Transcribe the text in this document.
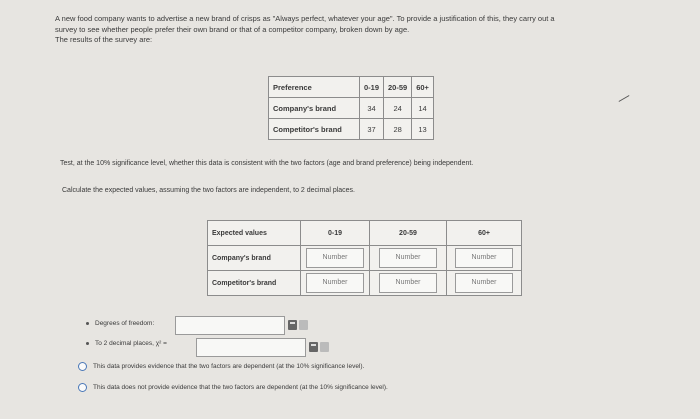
A new food company wants to advertise a new brand of crisps as "Always perfect, whatever your age". To provide a justification of this, they carry out a

survey to see whether people prefer their own brand or that of a competitor company, broken down by age.

The results of the survey are:

Preference	0-19	20-59	60+
Company's brand	34	24	14
Competitor's brand	37	28	13
Test, at the 10% significance level, whether this data is consistent with the two factors (age and brand preference) being independent.
Calculate the expected values, assuming the two factors are independent, to 2 decimal places.
Expected values	0-19	20-59	60+
Company's brand	Number	Number	Number
Competitor's brand	Number	Number	Number
Degrees of freedom:
To 2 decimal places, χ² =
This data provides evidence that the two factors are dependent (at the 10% significance level).
This data does not provide evidence that the two factors are dependent (at the 10% significance level).
